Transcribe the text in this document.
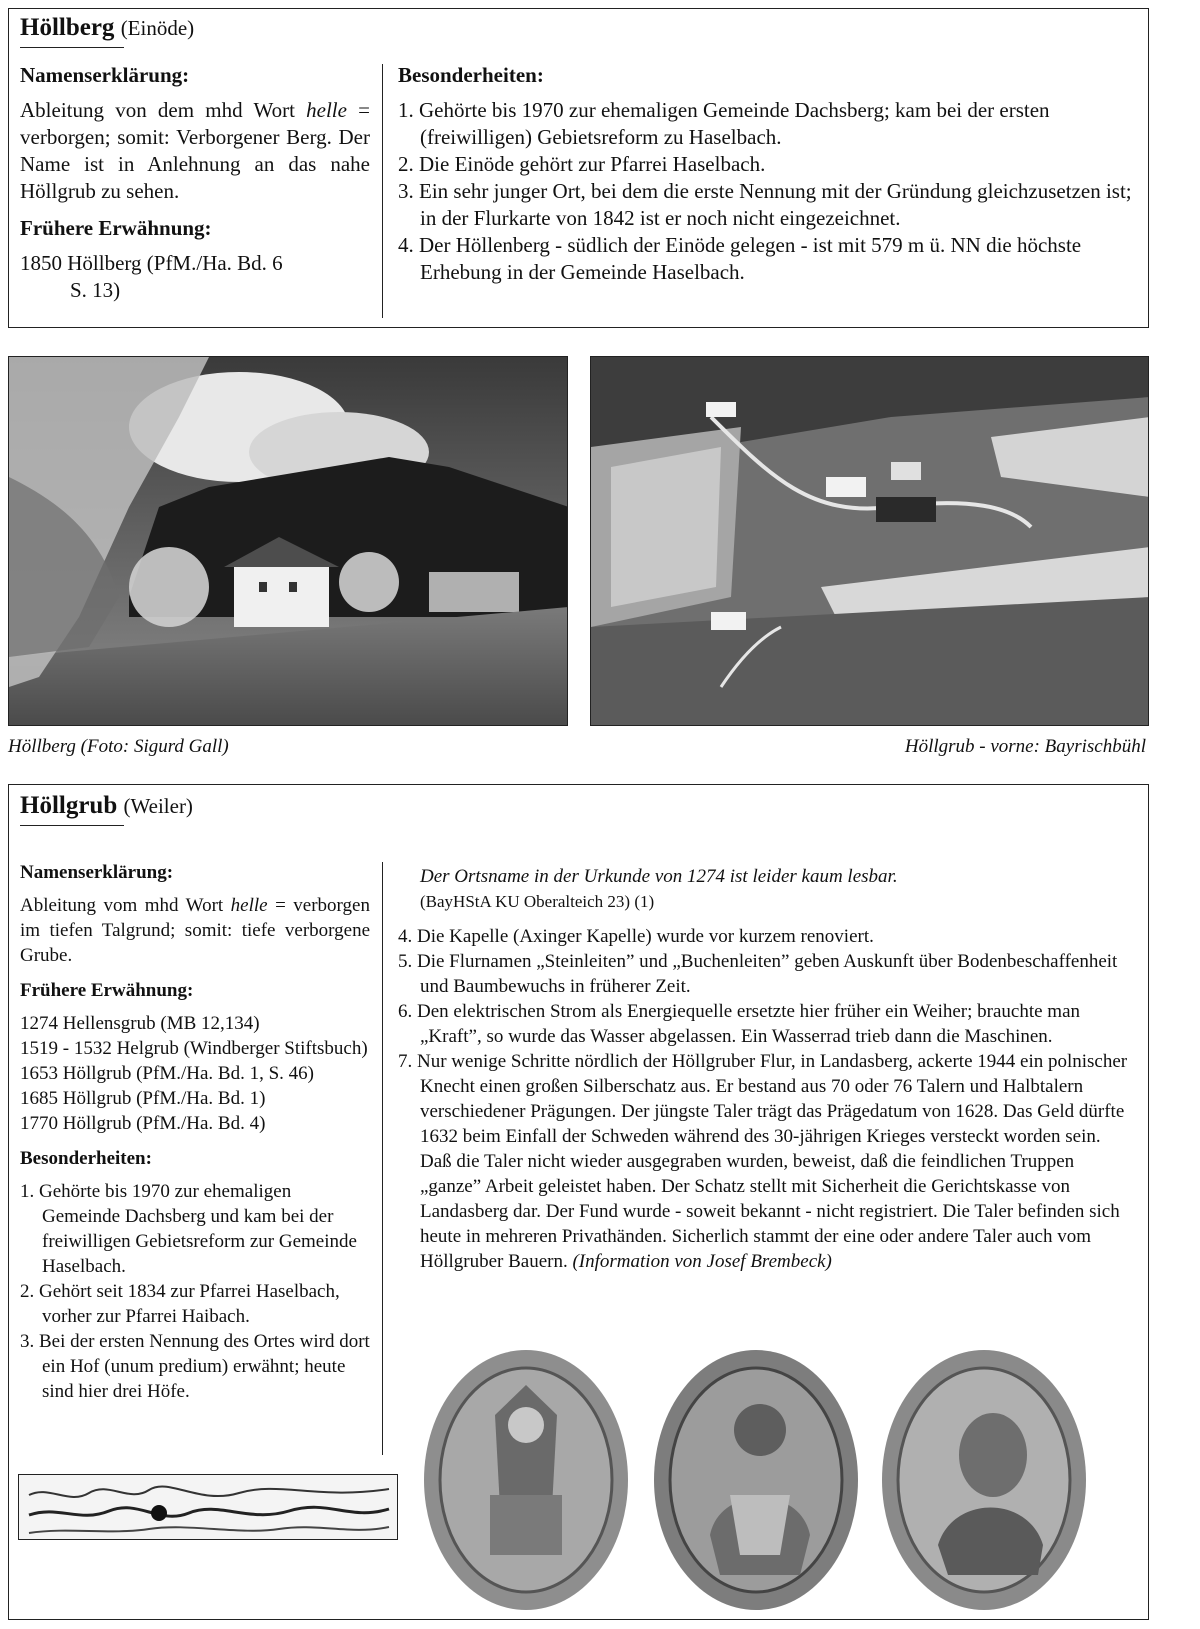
Höllberg (Einöde)
Namenserklärung:

Ableitung von dem mhd Wort helle = verborgen; somit: Verborgener Berg. Der Name ist in Anlehnung an das nahe Höllgrub zu sehen.

Frühere Erwähnung:
1850 Höllberg (PfM./Ha. Bd. 6
S. 13)
Besonderheiten:
1. Gehörte bis 1970 zur ehemaligen Gemeinde Dachsberg; kam bei der ersten (freiwilligen) Gebietsreform zu Haselbach.
2. Die Einöde gehört zur Pfarrei Haselbach.
3. Ein sehr junger Ort, bei dem die erste Nennung mit der Gründung gleichzusetzen ist; in der Flurkarte von 1842 ist er noch nicht eingezeichnet.
4. Der Höllenberg - südlich der Einöde gelegen - ist mit 579 m ü. NN die höchste Erhebung in der Gemeinde Haselbach.
Höllberg (Foto: Sigurd Gall)	Höllgrub - vorne: Bayrischbühl
Höllgrub (Weiler)
Namenserklärung:

Ableitung vom mhd Wort helle = verborgen im tiefen Talgrund; somit: tiefe verborgene Grube.

Frühere Erwähnung:
1274 Hellensgrub (MB 12,134)
1519 - 1532 Helgrub (Windberger Stiftsbuch)
1653 Höllgrub (PfM./Ha. Bd. 1, S. 46)
1685 Höllgrub (PfM./Ha. Bd. 1)
1770 Höllgrub (PfM./Ha. Bd. 4)
Besonderheiten:
1. Gehörte bis 1970 zur ehemaligen Gemeinde Dachsberg und kam bei der freiwilligen Gebietsreform zur Gemeinde Haselbach.
2. Gehört seit 1834 zur Pfarrei Haselbach, vorher zur Pfarrei Haibach.
3. Bei der ersten Nennung des Ortes wird dort ein Hof (unum predium) erwähnt; heute sind hier drei Höfe.
Der Ortsname in der Urkunde von 1274 ist leider kaum lesbar.
(BayHStA KU Oberalteich 23) (1)
4. Die Kapelle (Axinger Kapelle) wurde vor kurzem renoviert.
5. Die Flurnamen „Steinleiten” und „Buchenleiten” geben Auskunft über Bodenbeschaffenheit und Baumbewuchs in früherer Zeit.
6. Den elektrischen Strom als Energiequelle ersetzte hier früher ein Weiher; brauchte man „Kraft”, so wurde das Wasser abgelassen. Ein Wasserrad trieb dann die Maschinen.
7. Nur wenige Schritte nördlich der Höllgruber Flur, in Landasberg, ackerte 1944 ein polnischer Knecht einen großen Silberschatz aus. Er bestand aus 70 oder 76 Talern und Halbtalern verschiedener Prägungen. Der jüngste Taler trägt das Prägedatum von 1628. Das Geld dürfte 1632 beim Einfall der Schweden während des 30-jährigen Krieges versteckt worden sein. Daß die Taler nicht wieder ausgegraben wurden, beweist, daß die feindlichen Truppen „ganze” Arbeit geleistet haben. Der Schatz stellt mit Sicherheit die Gerichtskasse von Landasberg dar. Der Fund wurde - soweit bekannt - nicht registriert. Die Taler befinden sich heute in mehreren Privathänden. Sicherlich stammt der eine oder andere Taler auch vom Höllgruber Bauern. (Information von Josef Brembeck)
